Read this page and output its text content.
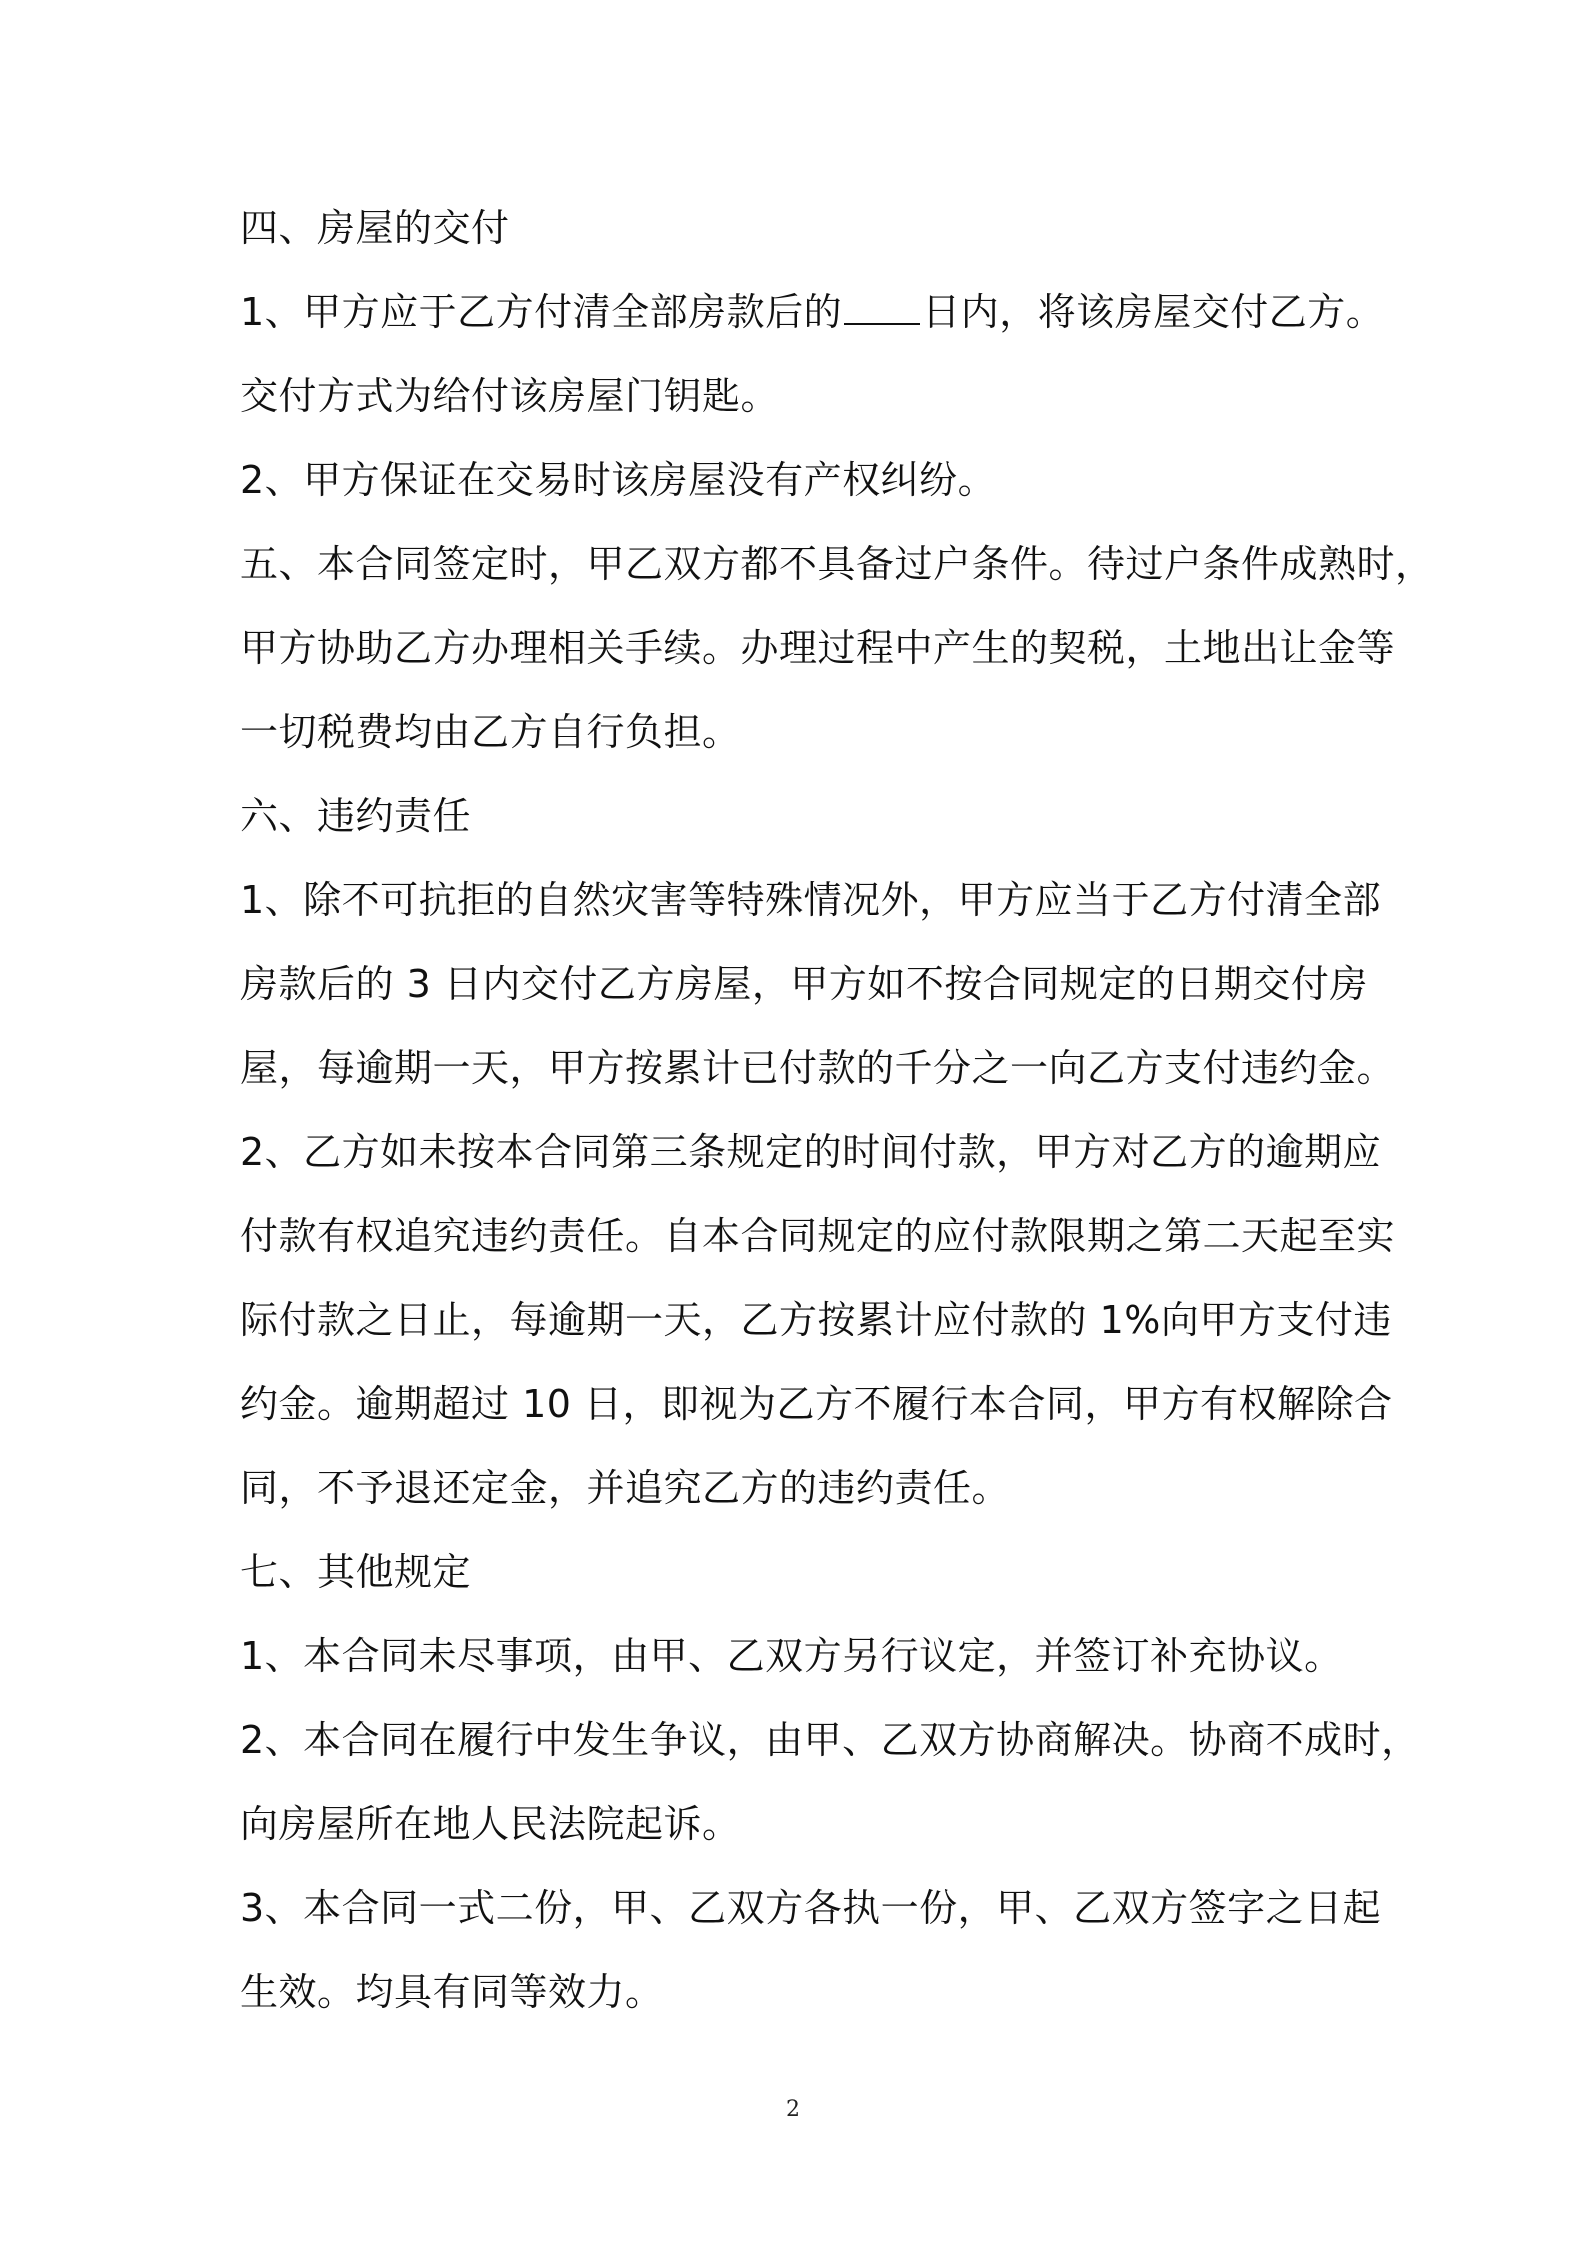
四、房屋的交付
1、甲方应于乙方付清全部房款后的 日内，将该房屋交付乙方。
交付方式为给付该房屋门钥匙。
2、甲方保证在交易时该房屋没有产权纠纷。
五、本合同签定时，甲乙双方都不具备过户条件。待过户条件成熟时，
甲方协助乙方办理相关手续。办理过程中产生的契税，土地出让金等
一切税费均由乙方自行负担。
六、违约责任
1、除不可抗拒的自然灾害等特殊情况外，甲方应当于乙方付清全部
房款后的 3 日内交付乙方房屋，甲方如不按合同规定的日期交付房
屋，每逾期一天，甲方按累计已付款的千分之一向乙方支付违约金。
2、乙方如未按本合同第三条规定的时间付款，甲方对乙方的逾期应
付款有权追究违约责任。自本合同规定的应付款限期之第二天起至实
际付款之日止，每逾期一天，乙方按累计应付款的 1%向甲方支付违
约金。逾期超过 10 日，即视为乙方不履行本合同，甲方有权解除合
同，不予退还定金，并追究乙方的违约责任。
七、其他规定
1、本合同未尽事项，由甲、乙双方另行议定，并签订补充协议。
2、本合同在履行中发生争议，由甲、乙双方协商解决。协商不成时，
向房屋所在地人民法院起诉。
3、本合同一式二份，甲、乙双方各执一份，甲、乙双方签字之日起
生效。均具有同等效力。
2
